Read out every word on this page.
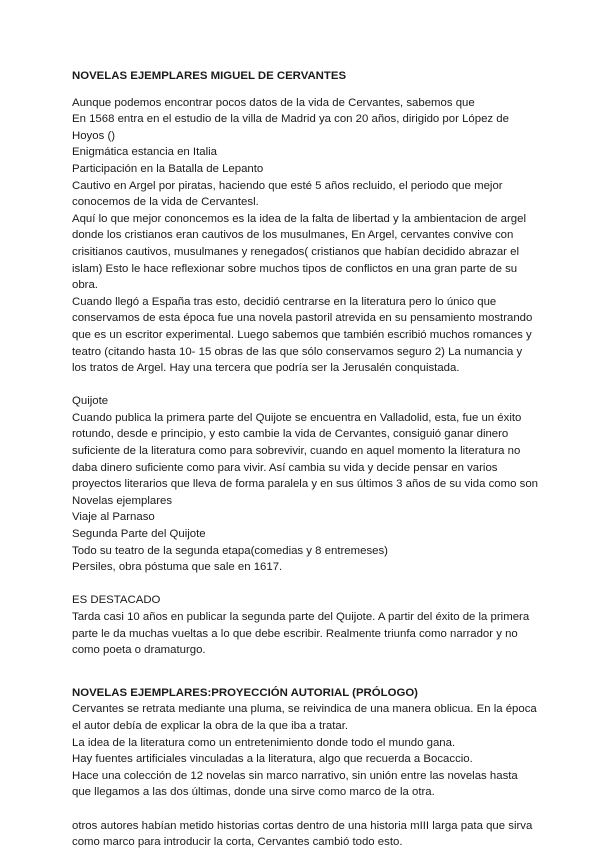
NOVELAS EJEMPLARES MIGUEL DE CERVANTES
Aunque podemos encontrar pocos datos de la vida de Cervantes, sabemos que
En 1568 entra en el estudio de la villa de Madrid ya con 20 años, dirigido por López de
Hoyos ()
Enigmática estancia en Italia
Participación en la Batalla de Lepanto
Cautivo en Argel por piratas, haciendo que esté 5 años recluido, el periodo que mejor
conocemos de la vida de Cervantesl.
Aquí lo que mejor cononcemos es la idea de la falta de libertad y la ambientacion de argel
donde los cristianos eran cautivos de los musulmanes, En Argel, cervantes convive con
crisitianos cautivos, musulmanes y renegados( cristianos que habían decidido abrazar el
islam) Esto le hace reflexionar sobre muchos tipos de conflictos en una gran parte de su
obra.
Cuando llegó a España tras esto, decidió centrarse en la literatura pero lo único que
conservamos de esta época fue una novela pastoril atrevida en su pensamiento mostrando
que es un escritor experimental. Luego sabemos que también escribió muchos romances y
teatro (citando hasta 10- 15 obras de las que sólo conservamos seguro 2) La numancia y
los tratos de Argel. Hay una tercera que podría ser la Jerusalén conquistada.
Quijote
Cuando publica la primera parte del Quijote se encuentra en Valladolid, esta, fue un éxito
rotundo, desde e principio, y esto cambie la vida de Cervantes, consiguió ganar dinero
suficiente de la literatura como para sobrevivir, cuando en aquel momento la literatura no
daba dinero suficiente como para vivir. Así cambia su vida y decide pensar en varios
proyectos literarios que lleva de forma paralela y en sus últimos 3 años de su vida como son
Novelas ejemplares
Viaje al Parnaso
Segunda Parte del Quijote
Todo su teatro de la segunda etapa(comedias y 8 entremeses)
Persiles, obra póstuma que sale en 1617.
ES DESTACADO
Tarda casi 10 años en publicar la segunda parte del Quijote. A partir del éxito de la primera
parte le da muchas vueltas a lo que debe escribir. Realmente triunfa como narrador y no
como poeta o dramaturgo.
NOVELAS EJEMPLARES:PROYECCIÓN AUTORIAL (PRÓLOGO)
Cervantes se retrata mediante una pluma, se reivindica de una manera oblicua. En la época
el autor debía de explicar la obra de la que iba a tratar.
La idea de la literatura como un entretenimiento donde todo el mundo gana.
Hay fuentes artificiales vinculadas a la literatura, algo que recuerda a Bocaccio.
Hace una colección de 12 novelas sin marco narrativo, sin unión entre las novelas hasta
que llegamos a las dos últimas, donde una sirve como marco de la otra.
otros autores habían metido historias cortas dentro de una historia mIII larga pata que sirva
como marco para introducir la corta, Cervantes cambió todo esto.
